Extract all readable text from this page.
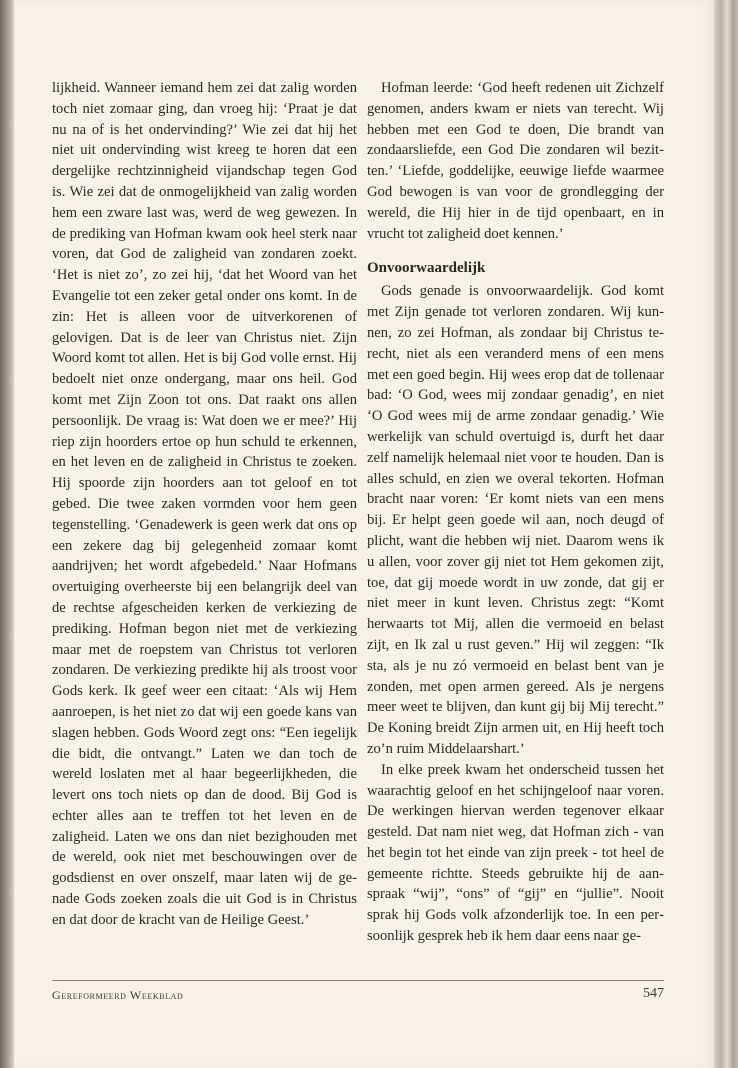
lijkheid. Wanneer iemand hem zei dat zalig worden toch niet zomaar ging, dan vroeg hij: ‘Praat je dat nu na of is het ondervinding?’ Wie zei dat hij het niet uit ondervinding wist kreeg te horen dat een dergelijke rechtzinnigheid vijandschap tegen God is. Wie zei dat de onmogelijkheid van zalig worden hem een zware last was, werd de weg gewezen. In de prediking van Hofman kwam ook heel sterk naar voren, dat God de zaligheid van zondaren zoekt. ‘Het is niet zo’, zo zei hij, ‘dat het Woord van het Evangelie tot een zeker getal onder ons komt. In de zin: Het is alleen voor de uitverkorenen of gelovigen. Dat is de leer van Christus niet. Zijn Woord komt tot allen. Het is bij God volle ernst. Hij bedoelt niet onze ondergang, maar ons heil. God komt met Zijn Zoon tot ons. Dat raakt ons allen persoonlijk. De vraag is: Wat doen we er mee?’ Hij riep zijn hoorders ertoe op hun schuld te erkennen, en het leven en de zaligheid in Christus te zoeken. Hij spoorde zijn hoorders aan tot geloof en tot gebed. Die twee zaken vormden voor hem geen tegenstelling. ‘Genadewerk is geen werk dat ons op een zekere dag bij gelegenheid zomaar komt aandrijven; het wordt afgebedeld.’ Naar Hofmans overtuiging overheerste bij een belangrijk deel van de rechtse afgescheiden kerken de verkiezing de prediking. Hofman begon niet met de verkiezing maar met de roepstem van Christus tot verloren zondaren. De verkiezing predikte hij als troost voor Gods kerk. Ik geef weer een citaat: ‘Als wij Hem aanroepen, is het niet zo dat wij een goede kans van slagen hebben. Gods Woord zegt ons: “Een iegelijk die bidt, die ontvangt.” Laten we dan toch de wereld loslaten met al haar begeerlijkheden, die levert ons toch niets op dan de dood. Bij God is echter alles aan te treffen tot het leven en de zaligheid. Laten we ons dan niet bezighouden met de wereld, ook niet met beschouwingen over de godsdienst en over onszelf, maar laten wij de genade Gods zoeken zoals die uit God is in Christus en dat door de kracht van de Heilige Geest.’

Hofman leerde: ‘God heeft redenen uit Zichzelf genomen, anders kwam er niets van terecht. Wij hebben met een God te doen, Die brandt van zondaarsliefde, een God Die zondaren wil bezitten.’ ‘Liefde, goddelijke, eeuwige liefde waarmee God bewogen is van voor de grondlegging der wereld, die Hij hier in de tijd openbaart, en in vrucht tot zaligheid doet kennen.’

Onvoorwaardelijk

Gods genade is onvoorwaardelijk. God komt met Zijn genade tot verloren zondaren. Wij kunnen, zo zei Hofman, als zondaar bij Christus terecht, niet als een veranderd mens of een mens met een goed begin. Hij wees erop dat de tollenaar bad: ‘O God, wees mij zondaar genadig’, en niet ‘O God wees mij de arme zondaar genadig.’ Wie werkelijk van schuld overtuigd is, durft het daar zelf namelijk helemaal niet voor te houden. Dan is alles schuld, en zien we overal tekorten. Hofman bracht naar voren: ‘Er komt niets van een mens bij. Er helpt geen goede wil aan, noch deugd of plicht, want die hebben wij niet. Daarom wens ik u allen, voor zover gij niet tot Hem gekomen zijt, toe, dat gij moede wordt in uw zonde, dat gij er niet meer in kunt leven. Christus zegt: “Komt herwaarts tot Mij, allen die vermoeid en belast zijt, en Ik zal u rust geven.” Hij wil zeggen: “Ik sta, als je nu zó vermoeid en belast bent van je zonden, met open armen gereed. Als je nergens meer weet te blijven, dan kunt gij bij Mij terecht.” De Koning breidt Zijn armen uit, en Hij heeft toch zo’n ruim Middelaarshart.’

In elke preek kwam het onderscheid tussen het waarachtig geloof en het schijngeloof naar voren. De werkingen hiervan werden tegenover elkaar gesteld. Dat nam niet weg, dat Hofman zich - van het begin tot het einde van zijn preek - tot heel de gemeente richtte. Steeds gebruikte hij de aanspraak “wij”, “ons” of “gij” en “jullie”. Nooit sprak hij Gods volk afzonderlijk toe. In een persoonlijk gesprek heb ik hem daar eens naar ge-

Gereformeerd Weekblad	547
